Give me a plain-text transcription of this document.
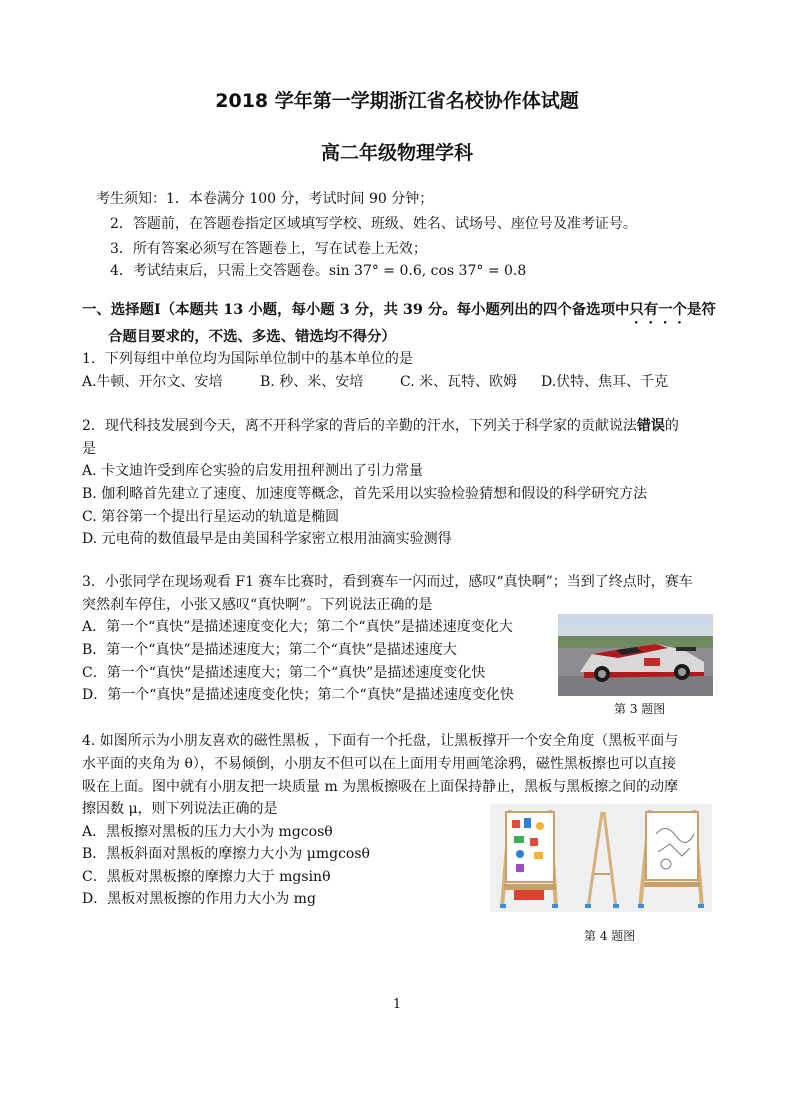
2018 学年第一学期浙江省名校协作体试题
高二年级物理学科
考生须知：1．本卷满分 100 分，考试时间 90 分钟；
2．答题前，在答题卷指定区域填写学校、班级、姓名、试场号、座位号及准考证号。
3．所有答案必须写在答题卷上，写在试卷上无效；
4．考试结束后，只需上交答题卷。sin 37° = 0.6, cos 37° = 0.8
一、选择题I（本题共 13 小题，每小题 3 分，共 39 分。每小题列出的四个备选项中只有一个是符
合题目要求的，不选、多选、错选均不得分）
1．下列每组中单位均为国际单位制中的基本单位的是
A.牛顿、开尔文、安培	B. 秒、米、安培	C. 米、瓦特、欧姆 D.伏特、焦耳、千克
2．现代科技发展到今天，离不开科学家的背后的辛勤的汗水，下列关于科学家的贡献说法错误的
是
A. 卡文迪许受到库仑实验的启发用扭秤测出了引力常量
B. 伽利略首先建立了速度、加速度等概念，首先采用以实验检验猜想和假设的科学研究方法
C. 第谷第一个提出行星运动的轨道是椭圆
D. 元电荷的数值最早是由美国科学家密立根用油滴实验测得
3．小张同学在现场观看 F1 赛车比赛时，看到赛车一闪而过，感叹“真快啊”；当到了终点时，赛车
突然刹车停住，小张又感叹“真快啊”。下列说法正确的是
A．第一个“真快”是描述速度变化大；第二个“真快”是描述速度变化大
B．第一个“真快”是描述速度大；第二个“真快”是描述速度大
C．第一个“真快”是描述速度大；第二个“真快”是描述速度变化快
D．第一个“真快”是描述速度变化快；第二个“真快”是描述速度变化快
第 3 题图
4. 如图所示为小朋友喜欢的磁性黑板 ，下面有一个托盘，让黑板撑开一个安全角度（黑板平面与
水平面的夹角为 θ），不易倾倒，小朋友不但可以在上面用专用画笔涂鸦，磁性黑板擦也可以直接
吸在上面。图中就有小朋友把一块质量 m 为黑板擦吸在上面保持静止，黑板与黑板擦之间的动摩
擦因数 μ，则下列说法正确的是
A．黑板擦对黑板的压力大小为 mgcosθ
B．黑板斜面对黑板的摩擦力大小为 μmgcosθ
C．黑板对黑板擦的摩擦力大于 mgsinθ
D．黑板对黑板擦的作用力大小为 mg
第 4 题图
1
